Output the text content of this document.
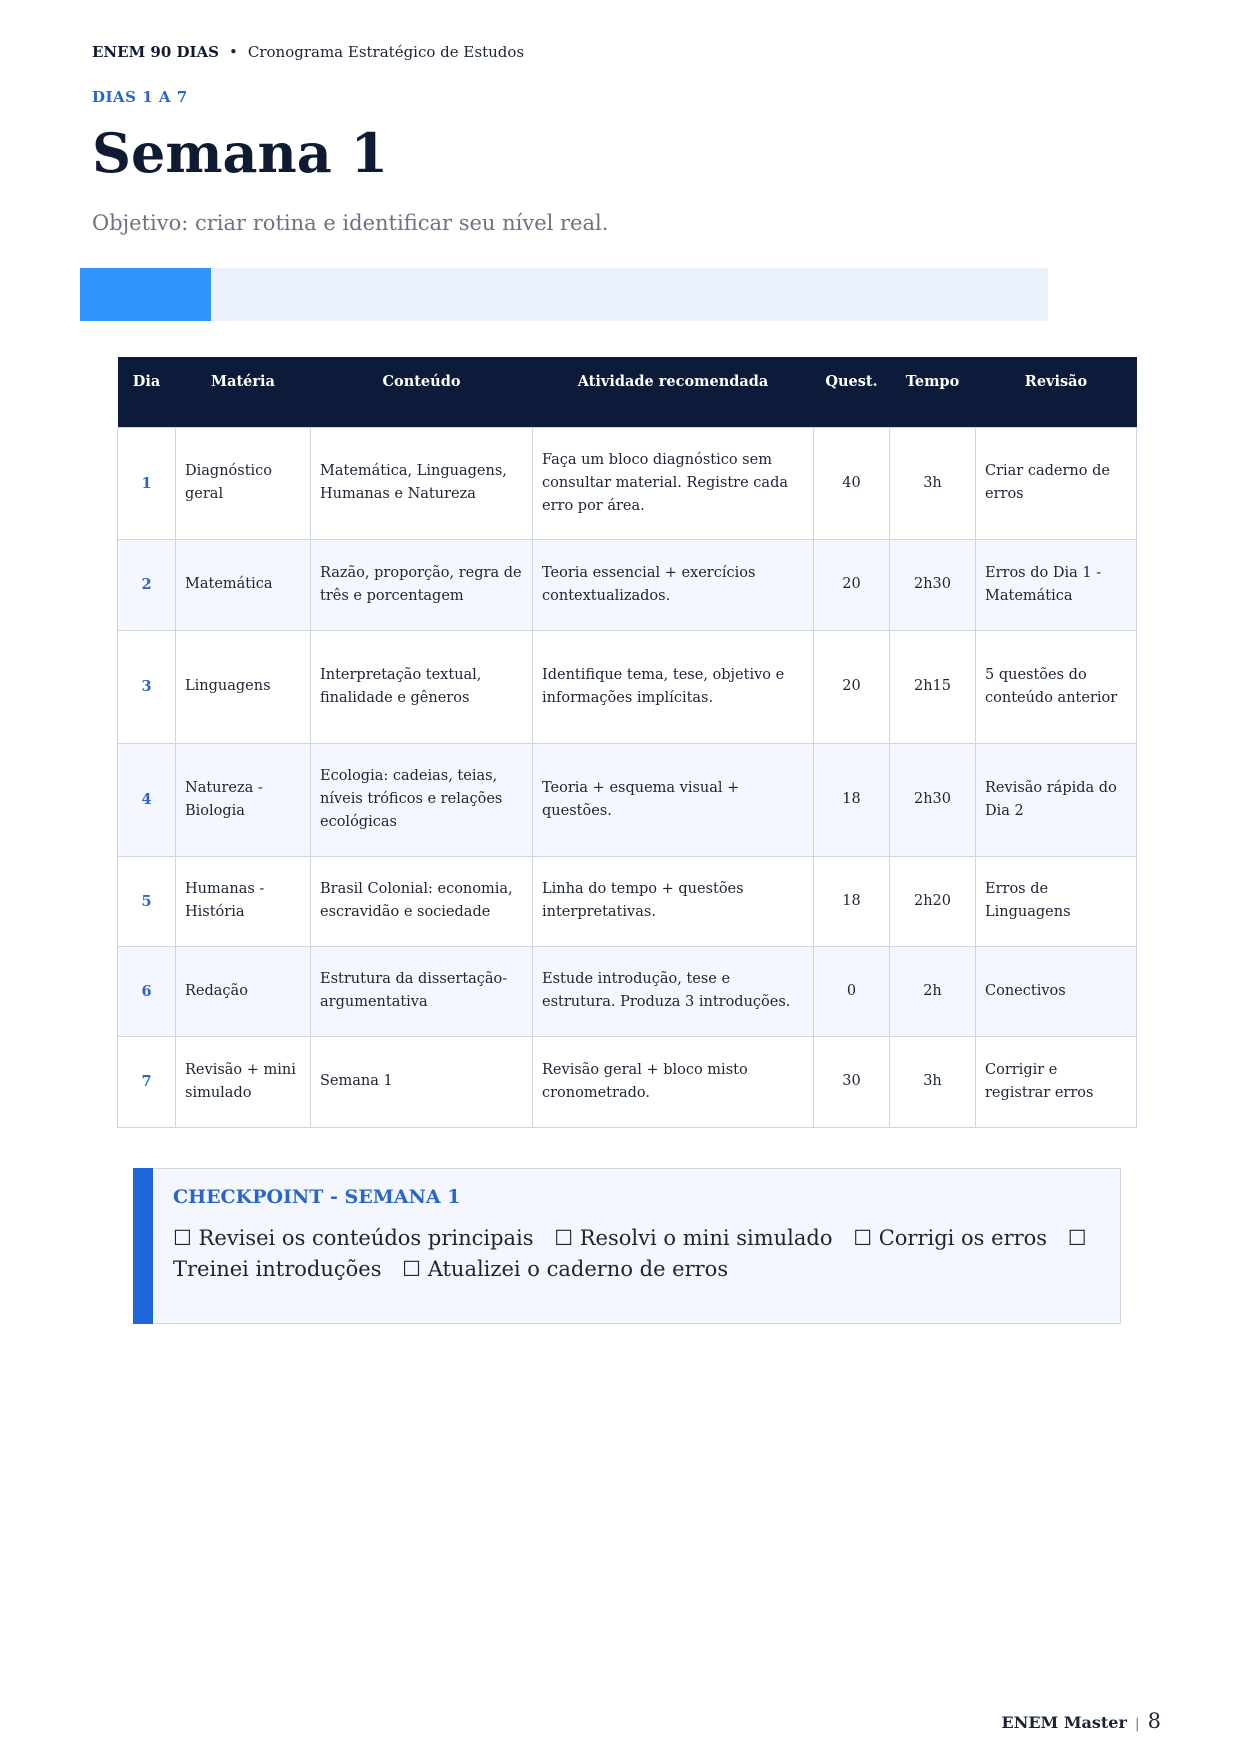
ENEM 90 DIAS • Cronograma Estratégico de Estudos
DIAS 1 A 7
Semana 1
Objetivo: criar rotina e identificar seu nível real.
Dia	Matéria	Conteúdo	Atividade recomendada	Quest.	Tempo	Revisão
1	Diagnóstico geral	Matemática, Linguagens, Humanas e Natureza	Faça um bloco diagnóstico sem consultar material. Registre cada erro por área.	40	3h	Criar caderno de erros
2	Matemática	Razão, proporção, regra de três e porcentagem	Teoria essencial + exercícios contextualizados.	20	2h30	Erros do Dia 1 - Matemática
3	Linguagens	Interpretação textual, finalidade e gêneros	Identifique tema, tese, objetivo e informações implícitas.	20	2h15	5 questões do conteúdo anterior
4	Natureza - Biologia	Ecologia: cadeias, teias, níveis tróficos e relações ecológicas	Teoria + esquema visual + questões.	18	2h30	Revisão rápida do Dia 2
5	Humanas - História	Brasil Colonial: economia, escravidão e sociedade	Linha do tempo + questões interpretativas.	18	2h20	Erros de Linguagens
6	Redação	Estrutura da dissertação-argumentativa	Estude introdução, tese e estrutura. Produza 3 introduções.	0	2h	Conectivos
7	Revisão + mini simulado	Semana 1	Revisão geral + bloco misto cronometrado.	30	3h	Corrigir e registrar erros
CHECKPOINT - SEMANA 1
☐ Revisei os conteúdos principais ☐ Resolvi o mini simulado ☐ Corrigi os erros ☐ Treinei introduções ☐ Atualizei o caderno de erros
ENEM Master | 8
